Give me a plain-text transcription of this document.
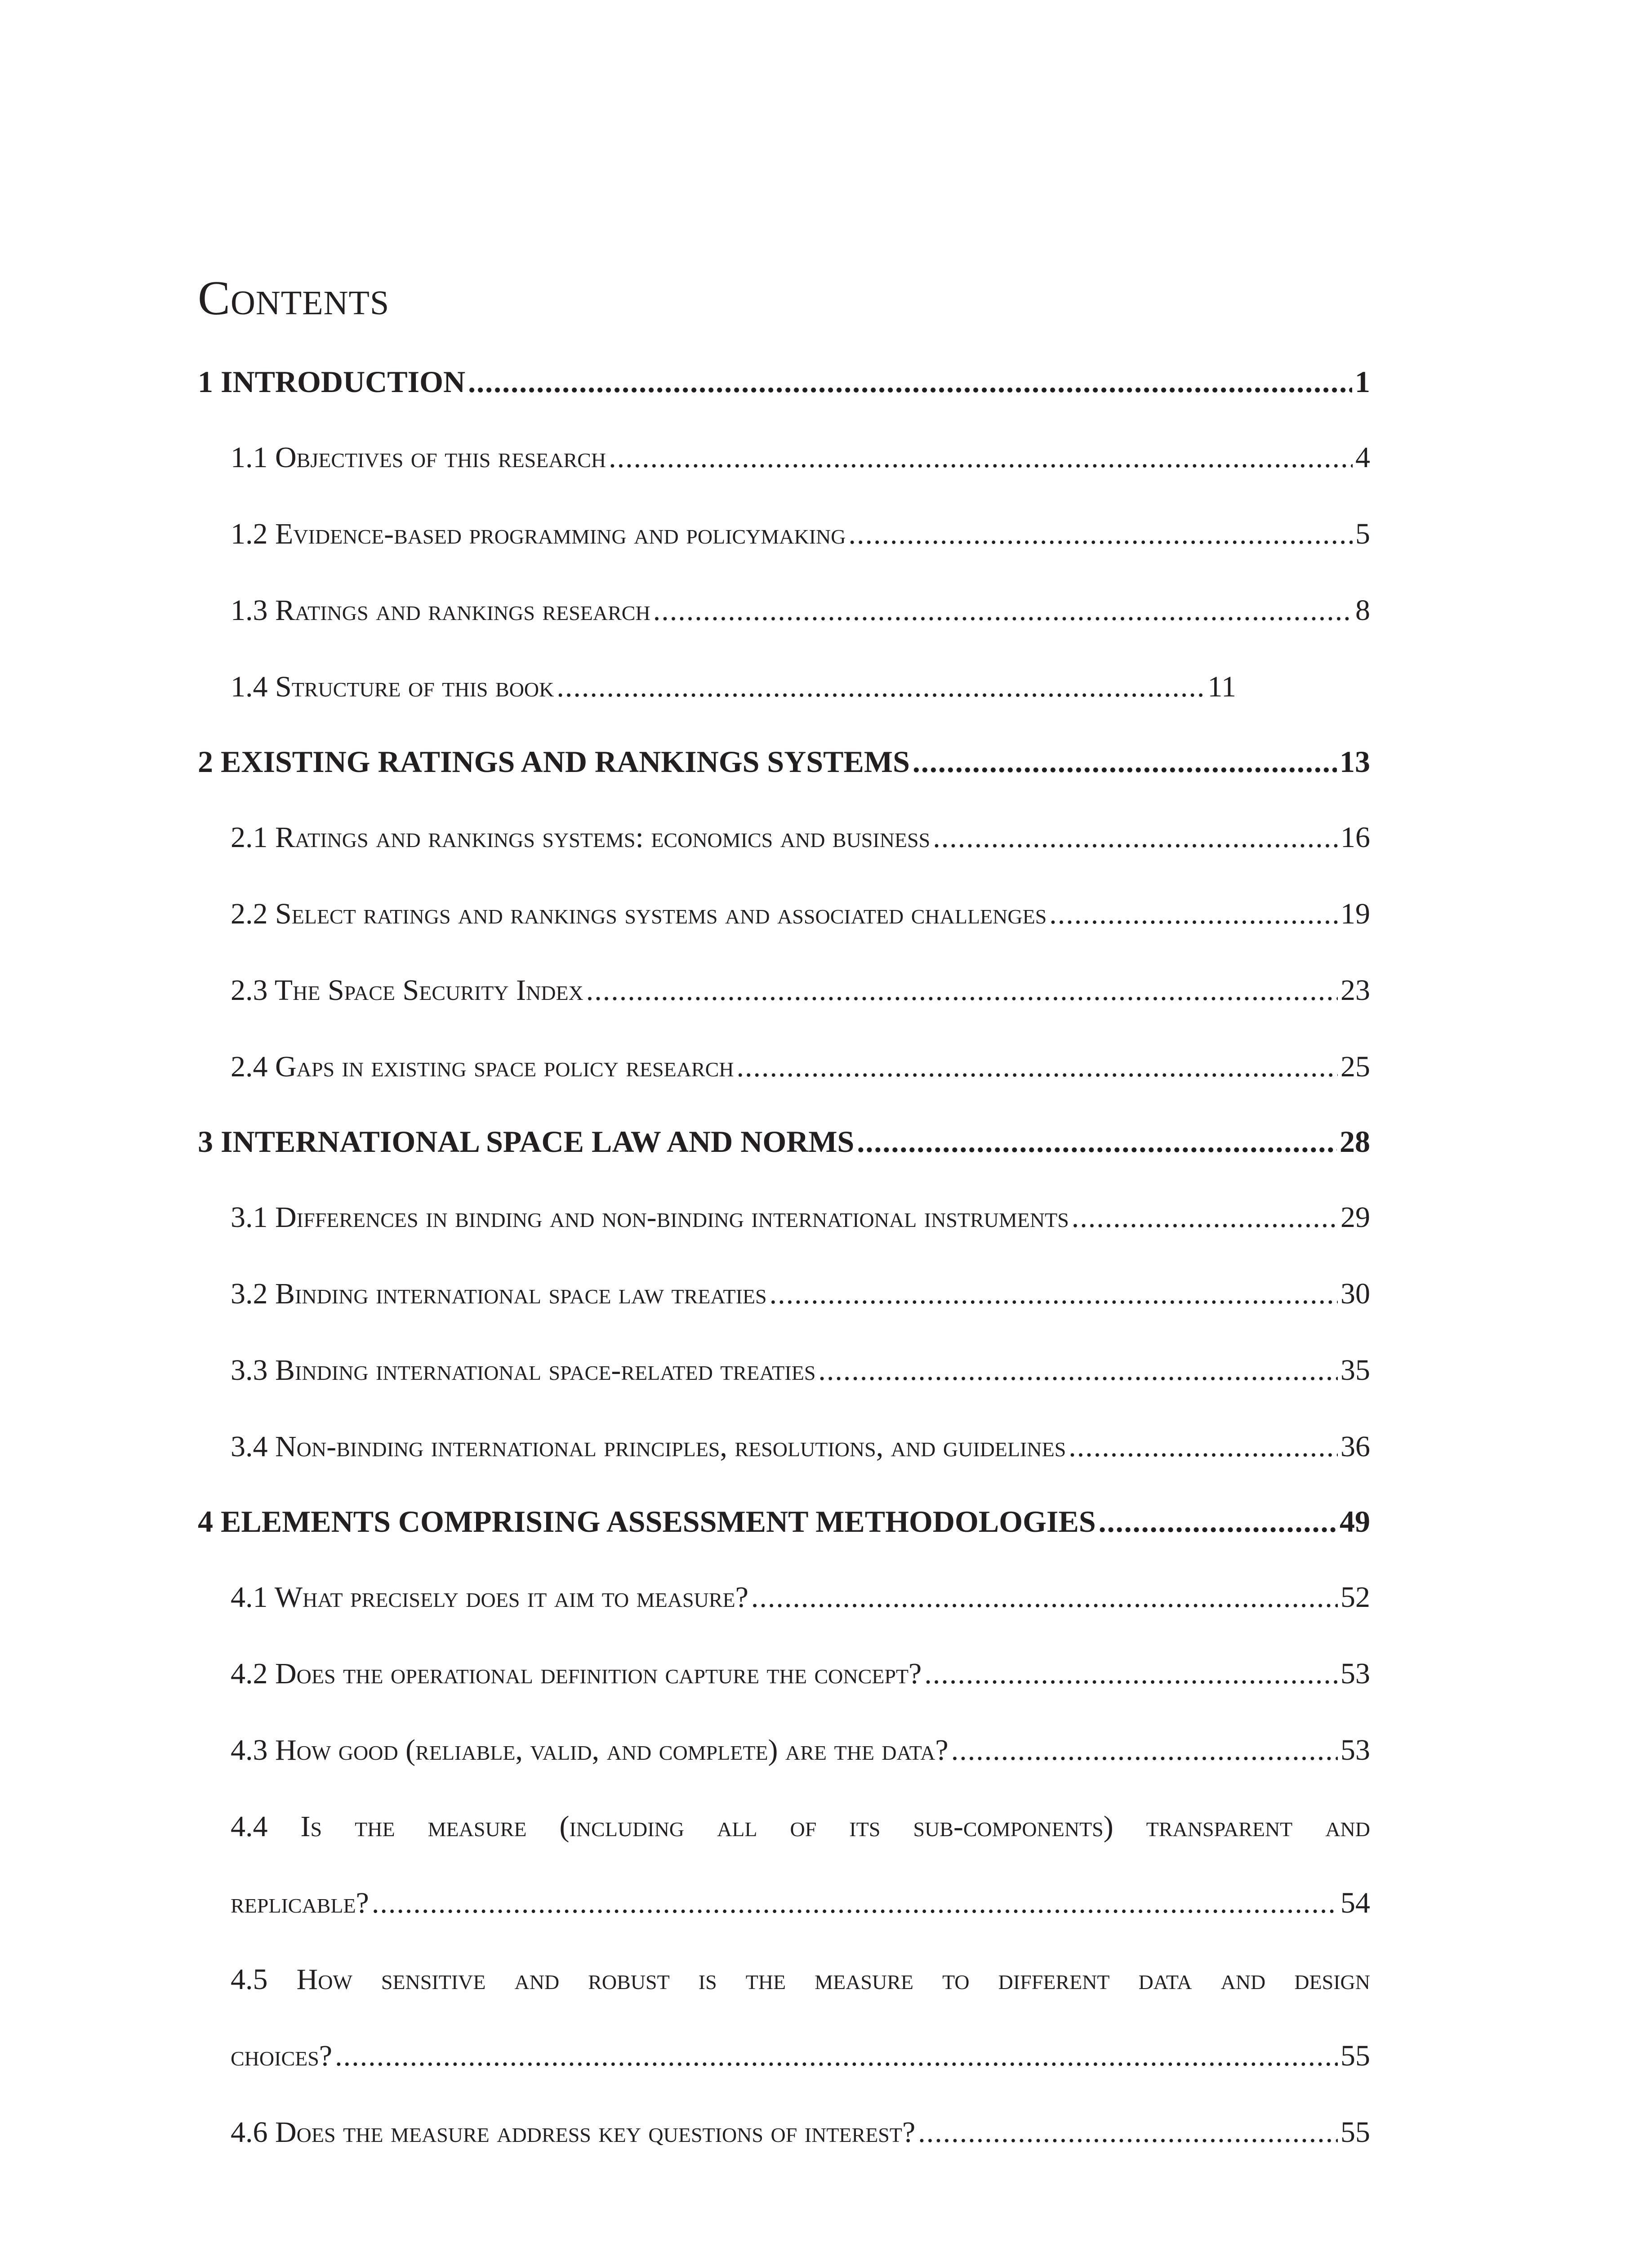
Contents
1 INTRODUCTION .....	1
1.1 Objectives of this research .....	4
1.2 Evidence-based programming and policymaking .....	5
1.3 Ratings and rankings research .....	8
1.4 Structure of this book .....	11
2 EXISTING RATINGS AND RANKINGS SYSTEMS .....	13
2.1 Ratings and rankings systems: economics and business .....	16
2.2 Select ratings and rankings systems and associated challenges .....	19
2.3 The Space Security Index .....	23
2.4 Gaps in existing space policy research .....	25
3 INTERNATIONAL SPACE LAW AND NORMS .....	28
3.1 Differences in binding and non-binding international instruments .....	29
3.2 Binding international space law treaties .....	30
3.3 Binding international space-related treaties .....	35
3.4 Non-binding international principles, resolutions, and guidelines .....	36
4 ELEMENTS COMPRISING ASSESSMENT METHODOLOGIES .....	49
4.1 What precisely does it aim to measure? .....	52
4.2 Does the operational definition capture the concept? .....	53
4.3 How good (reliable, valid, and complete) are the data? .....	53
4.4 Is the measure (including all of its sub-components) transparent and
replicable? .....	54
4.5 How sensitive and robust is the measure to different data and design
choices? .....	55
4.6 Does the measure address key questions of interest? .....	55
